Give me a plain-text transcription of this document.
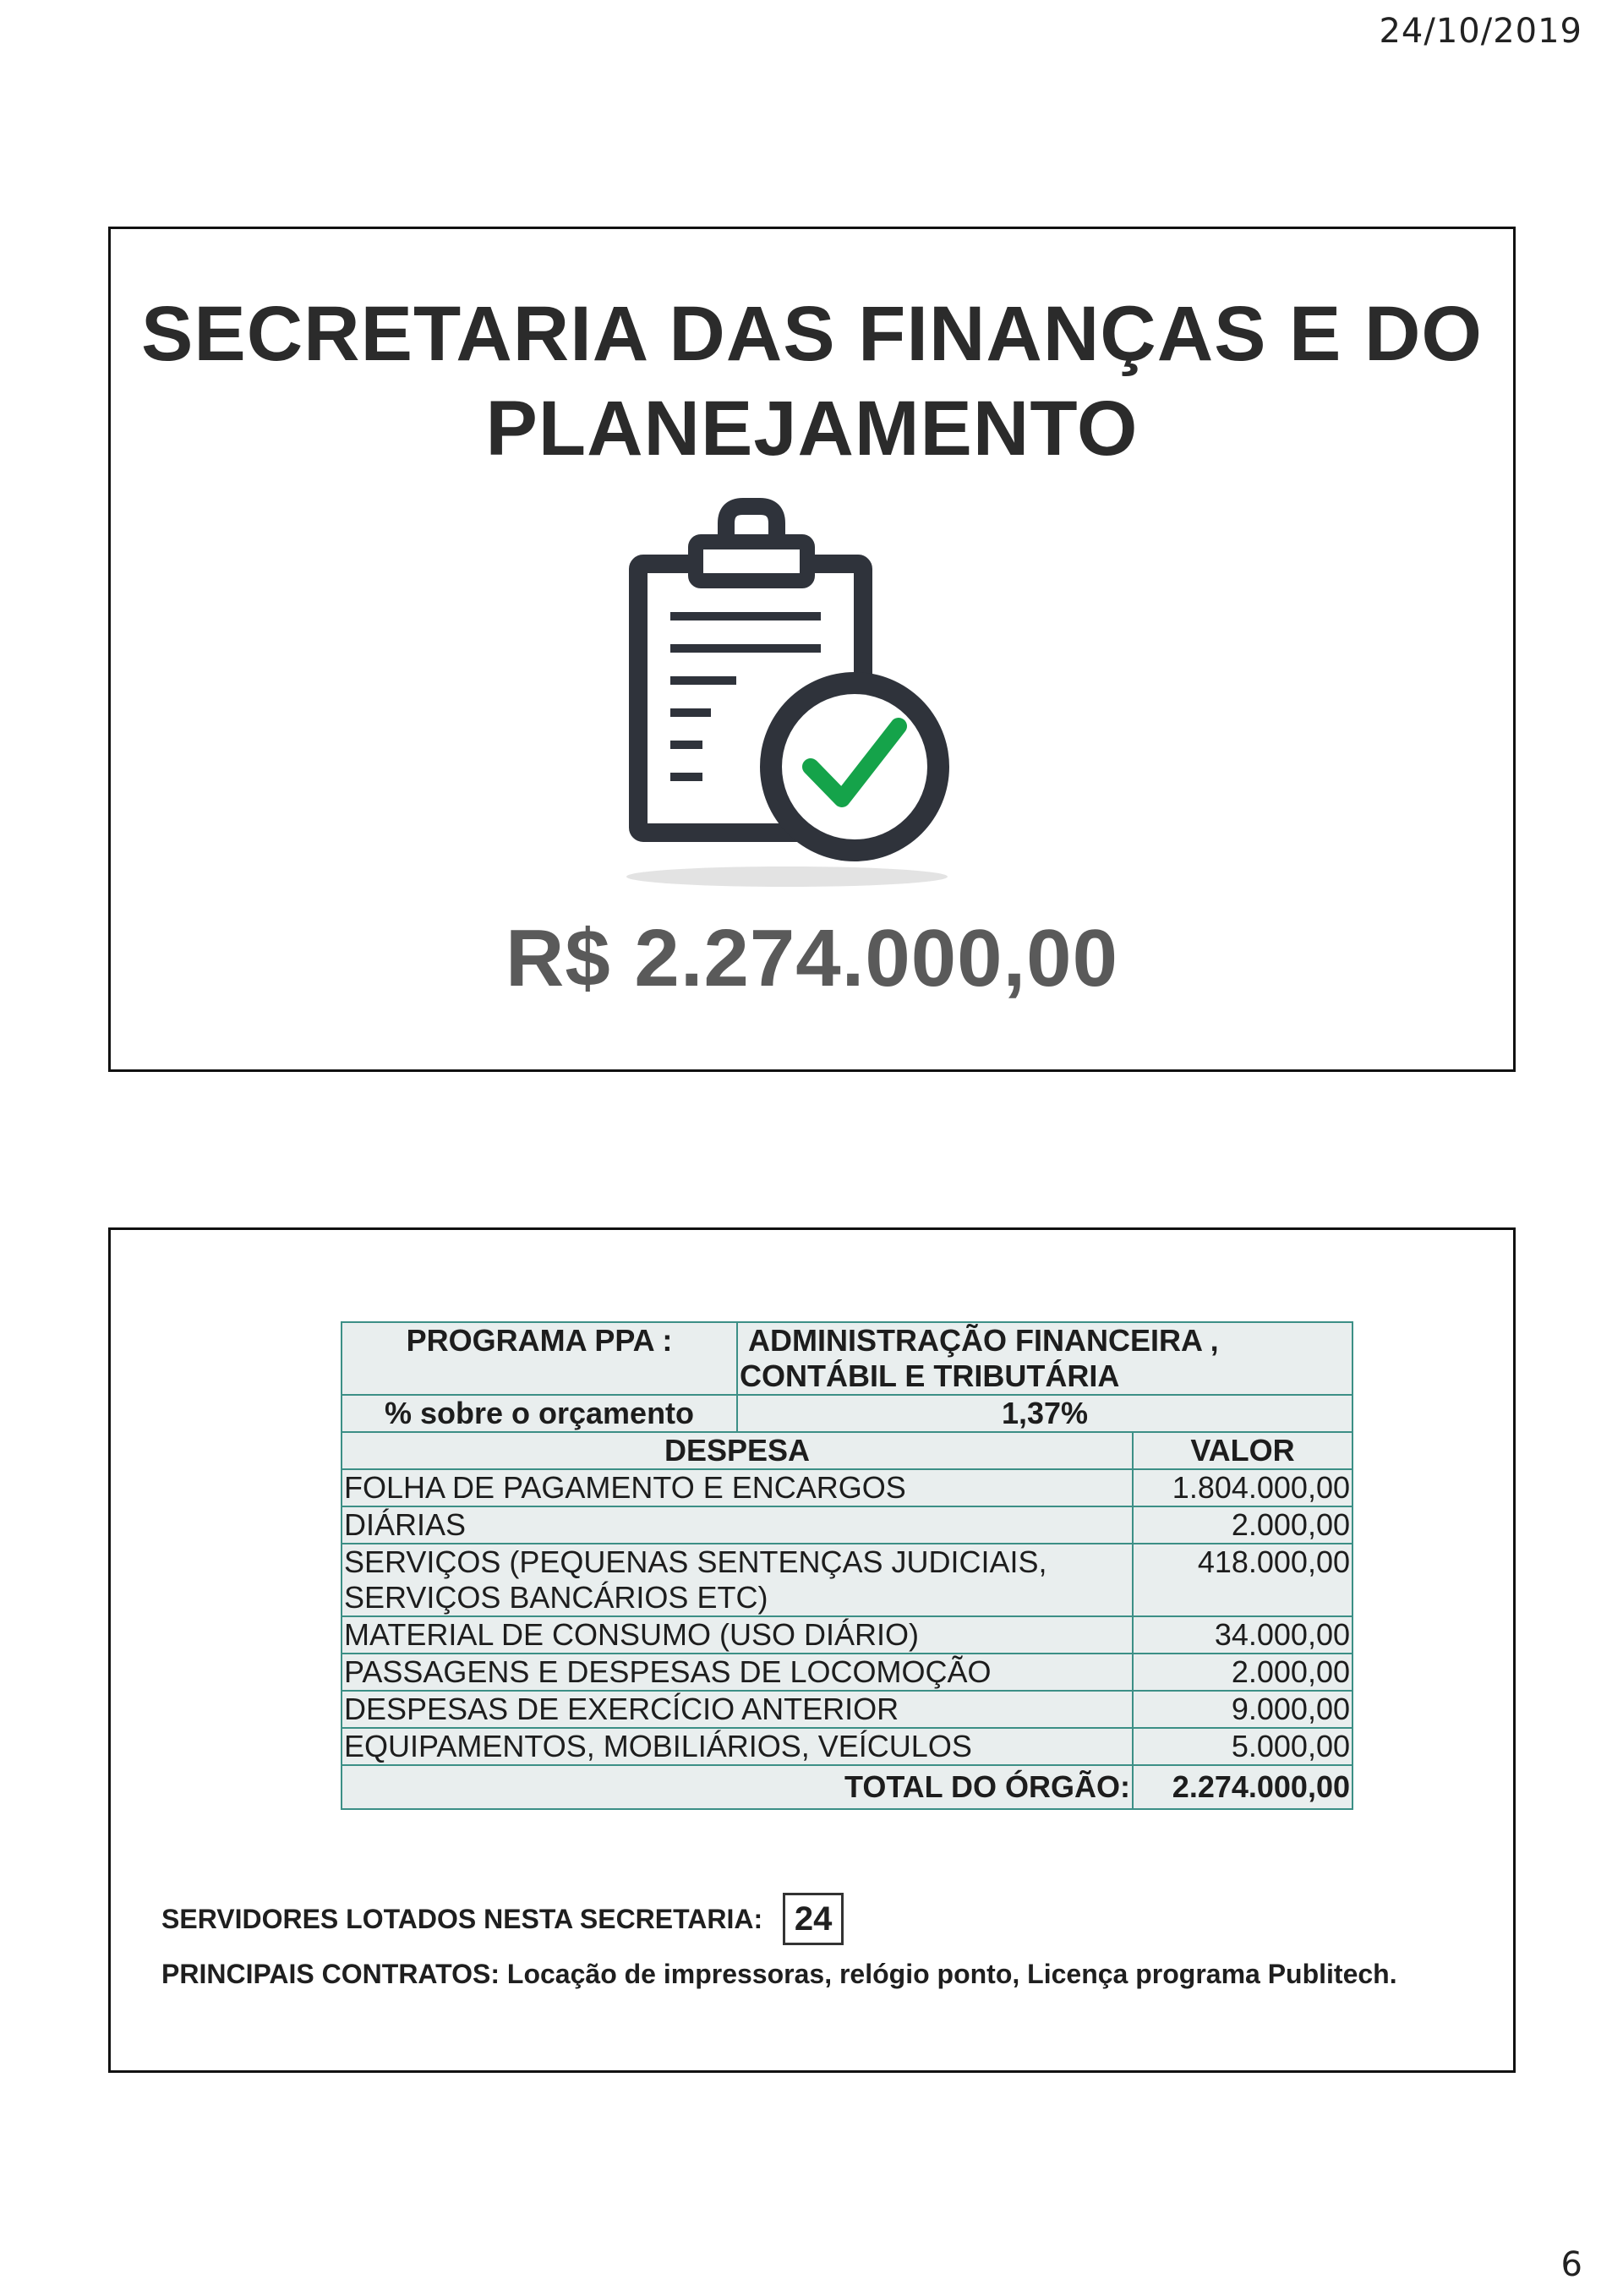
24/10/2019
SECRETARIA DAS FINANÇAS E DO
PLANEJAMENTO
R$ 2.274.000,00
PROGRAMA PPA :	ADMINISTRAÇÃO FINANCEIRA ,
CONTÁBIL E TRIBUTÁRIA	

% sobre o orçamento	1,37%	
DESPESA		VALOR
FOLHA DE PAGAMENTO E ENCARGOS		1.804.000,00
DIÁRIAS		2.000,00

SERVIÇOS (PEQUENAS SENTENÇAS JUDICIAIS,
SERVIÇOS BANCÁRIOS ETC)		418.000,00
MATERIAL DE CONSUMO (USO DIÁRIO)		34.000,00
PASSAGENS E DESPESAS DE LOCOMOÇÃO		2.000,00
DESPESAS DE EXERCÍCIO ANTERIOR		9.000,00
EQUIPAMENTOS, MOBILIÁRIOS, VEÍCULOS		5.000,00
TOTAL DO ÓRGÃO:		2.274.000,00
SERVIDORES LOTADOS NESTA SECRETARIA: 24
PRINCIPAIS CONTRATOS: Locação de impressoras, relógio ponto, Licença programa Publitech.
6
